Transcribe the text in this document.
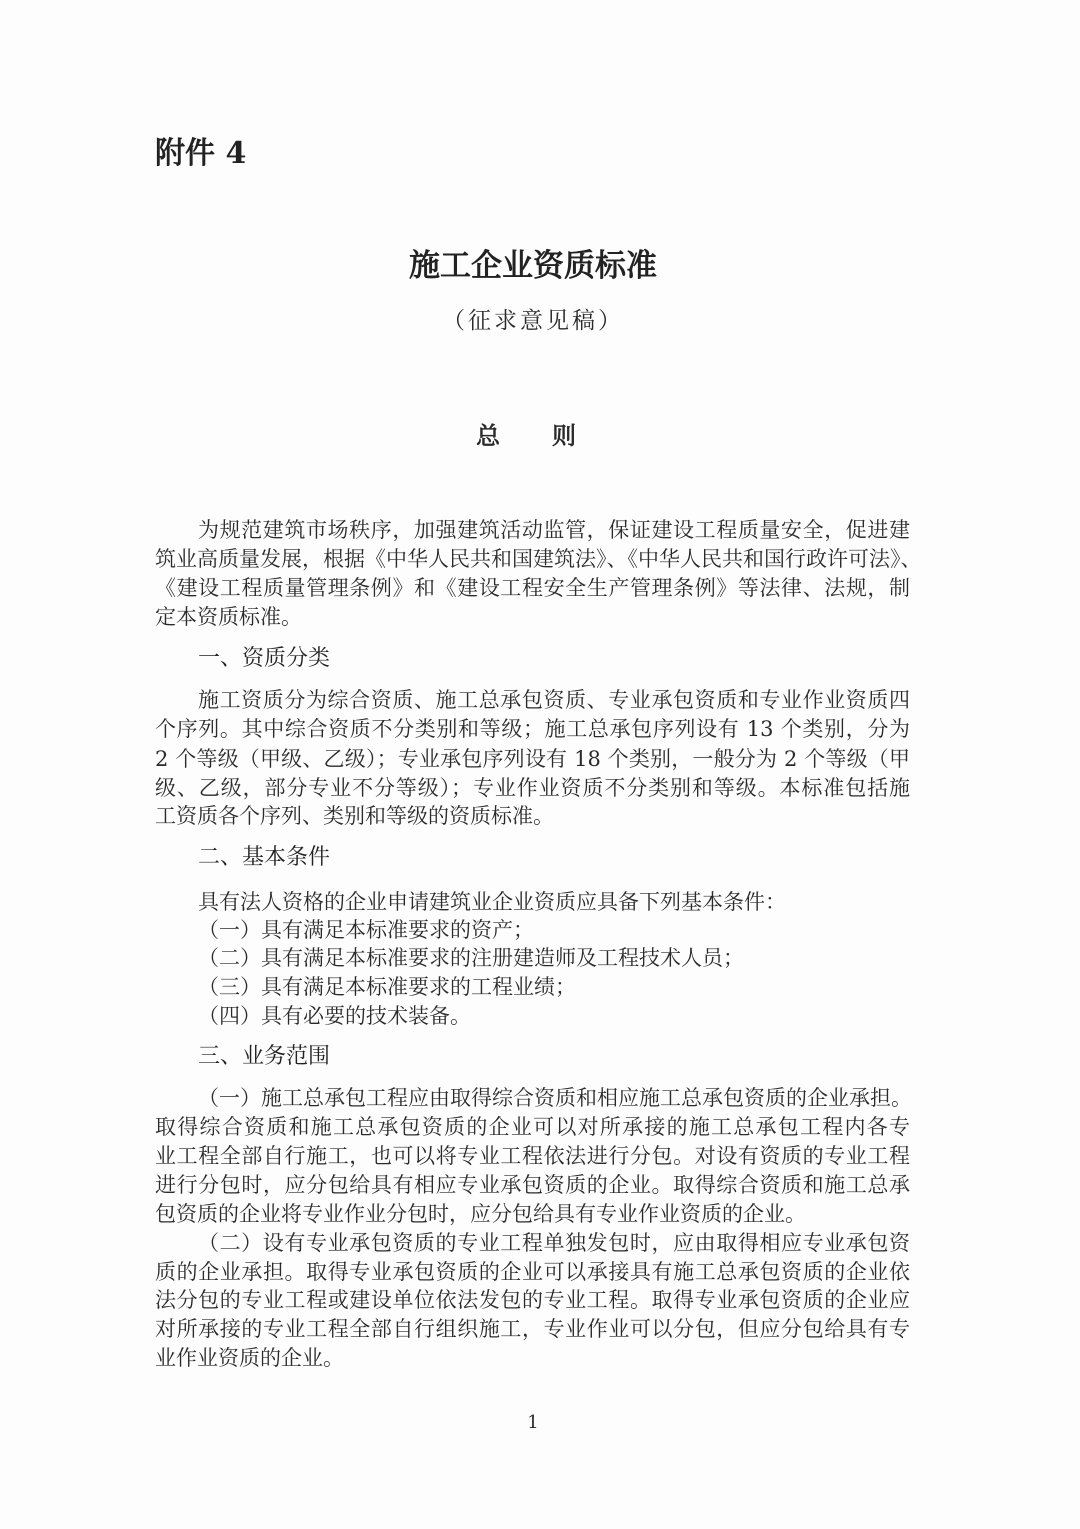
附件 4
施工企业资质标准
（征求意见稿）
总　则
为规范建筑市场秩序，加强建筑活动监管，保证建设工程质量安全，促进建
筑业高质量发展，根据《中华人民共和国建筑法》、《中华人民共和国行政许可法》、
《建设工程质量管理条例》和《建设工程安全生产管理条例》等法律、法规，制
定本资质标准。
一、资质分类
施工资质分为综合资质、施工总承包资质、专业承包资质和专业作业资质四
个序列。其中综合资质不分类别和等级；施工总承包序列设有 13 个类别，分为
2 个等级（甲级、乙级）；专业承包序列设有 18 个类别，一般分为 2 个等级（甲
级、乙级，部分专业不分等级）；专业作业资质不分类别和等级。本标准包括施
工资质各个序列、类别和等级的资质标准。
二、基本条件
具有法人资格的企业申请建筑业企业资质应具备下列基本条件：
（一）具有满足本标准要求的资产；
（二）具有满足本标准要求的注册建造师及工程技术人员；
（三）具有满足本标准要求的工程业绩；
（四）具有必要的技术装备。
三、业务范围
（一）施工总承包工程应由取得综合资质和相应施工总承包资质的企业承担。
取得综合资质和施工总承包资质的企业可以对所承接的施工总承包工程内各专
业工程全部自行施工，也可以将专业工程依法进行分包。对设有资质的专业工程
进行分包时，应分包给具有相应专业承包资质的企业。取得综合资质和施工总承
包资质的企业将专业作业分包时，应分包给具有专业作业资质的企业。
（二）设有专业承包资质的专业工程单独发包时，应由取得相应专业承包资
质的企业承担。取得专业承包资质的企业可以承接具有施工总承包资质的企业依
法分包的专业工程或建设单位依法发包的专业工程。取得专业承包资质的企业应
对所承接的专业工程全部自行组织施工，专业作业可以分包，但应分包给具有专
业作业资质的企业。
1
